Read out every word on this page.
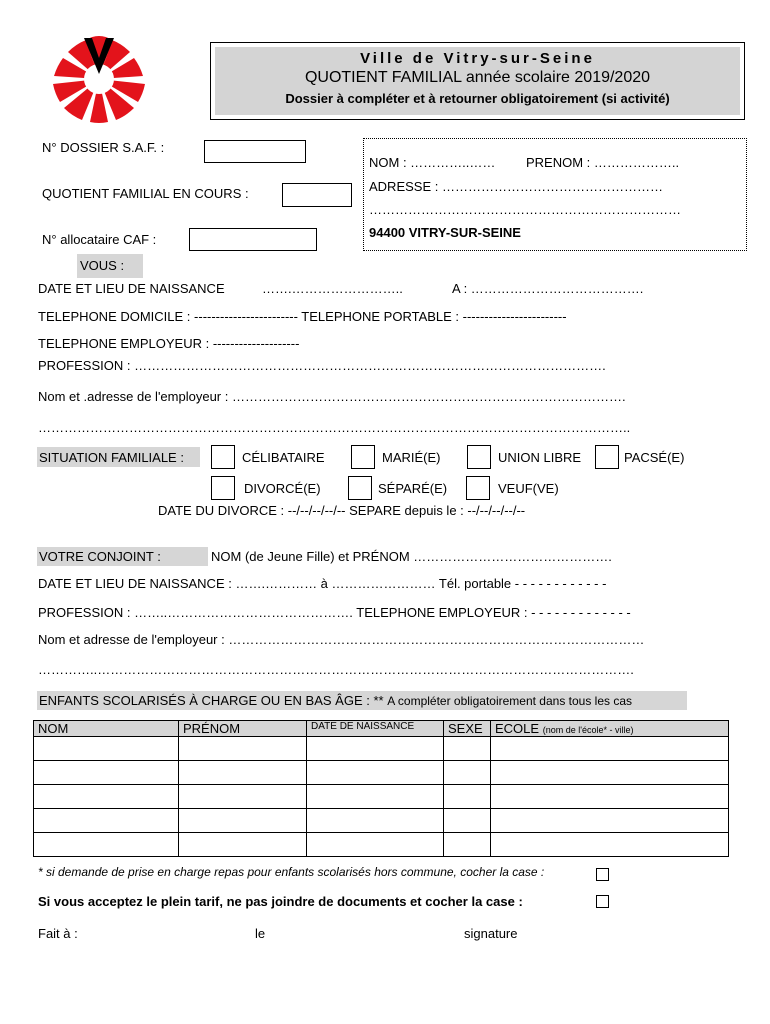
Ville de Vitry-sur-Seine
QUOTIENT FAMILIAL année scolaire 2019/2020
Dossier à compléter et à retourner obligatoirement (si activité)
N° DOSSIER S.A.F. :
QUOTIENT FAMILIAL EN COURS :
N° allocataire CAF :
NOM : …………..…… PRENOM : ………………..
ADRESSE : ……………………………………………
………………………………………………………………
94400 VITRY-SUR-SEINE
VOUS :
DATE ET LIEU DE NAISSANCE	…….……………………..	A : ………………………………….
TELEPHONE DOMICILE : ------------------------ TELEPHONE PORTABLE : ------------------------
TELEPHONE EMPLOYEUR : --------------------
PROFESSION : ……………………………………………………………………………………………….
Nom et .adresse de l'employeur : ……………………………………………………………………………….
………………………………………………………………………………………………………………………..
SITUATION FAMILIALE :	CÉLIBATAIRE	MARIÉ(E)	UNION LIBRE	PACSÉ(E)
DIVORCÉ(E)	SÉPARÉ(E)	VEUF(VE)
DATE DU DIVORCE : --/--/--/--/-- SEPARE depuis le : --/--/--/--/--
VOTRE CONJOINT :	NOM (de Jeune Fille) et PRÉNOM ……………………………………….
DATE ET LIEU DE NAISSANCE : …….………… à …………………… Tél. portable - - - - - - - - - - - -
PROFESSION : ……..……………………………………. TELEPHONE EMPLOYEUR : - - - - - - - - - - - - -
Nom et adresse de l'employeur : ……………………………………………………………………………………
…………..…………………………………………………………………………………………………………….
ENFANTS SCOLARISÉS À CHARGE OU EN BAS ÂGE : ** A compléter obligatoirement dans tous les cas
NOM	PRÉNOM	DATE DE NAISSANCE	SEXE	ECOLE (nom de l'école* - ville)

* si demande de prise en charge repas pour enfants scolarisés hors commune, cocher la case :
Si vous acceptez le plein tarif, ne pas joindre de documents et cocher la case :
Fait à :	le	signature
